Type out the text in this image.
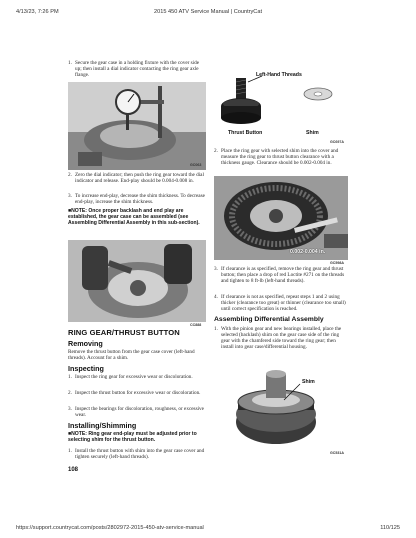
4/13/23, 7:26 PM	2015 450 ATV Service Manual | CountryCat
1. Secure the gear case in a holding fixture with the cover side up; then install a dial indicator contacting the ring gear axle flange.
GC063
2. Zero the dial indicator; then push the ring gear toward the dial indicator and release. End-play should be 0.004-0.008 in.
3. To increase end-play, decrease the shim thickness. To decrease end-play, increase the shim thickness.
■NOTE: Once proper backlash and end play are established, the gear case can be assembled (see Assembling Differential Assembly in this sub-section).
CC888
RING GEAR/THRUST BUTTON
Removing
Remove the thrust button from the gear case cover (left-hand threads). Account for a shim.
Inspecting
1. Inspect the ring gear for excessive wear or discoloration.
2. Inspect the thrust button for excessive wear or discoloration.
3. Inspect the bearings for discoloration, roughness, or excessive wear.
Installing/Shimming
■NOTE: Ring gear end-play must be adjusted prior to selecting shim for the thrust button.
1. Install the thrust button with shim into the gear case cover and tighten securely (left-hand threads).
108
Left-Hand Threads
Thrust Button	Shim
GC697A
2. Place the ring gear with selected shim into the cover and measure the ring gear to thrust button clearance with a thickness gauge. Clearance should be 0.002-0.004 in.
0.002-0.004 in.
GC598A
3. If clearance is as specified, remove the ring gear and thrust button; then place a drop of red Loctite #271 on the threads and tighten to 8 ft-lb (left-hand threads).
4. If clearance is not as specified, repeat steps 1 and 2 using thicker (clearance too great) or thinner (clearance too small) until correct specification is reached.
Assembling Differential Assembly
1. With the pinion gear and new bearings installed, place the selected (backlash) shim on the gear case side of the ring gear with the chamfered side toward the ring gear; then install into gear case/differential housing.
Shim
GC531A
https://support.countrycat.com/posts/2802972-2015-450-atv-service-manual	110/125
